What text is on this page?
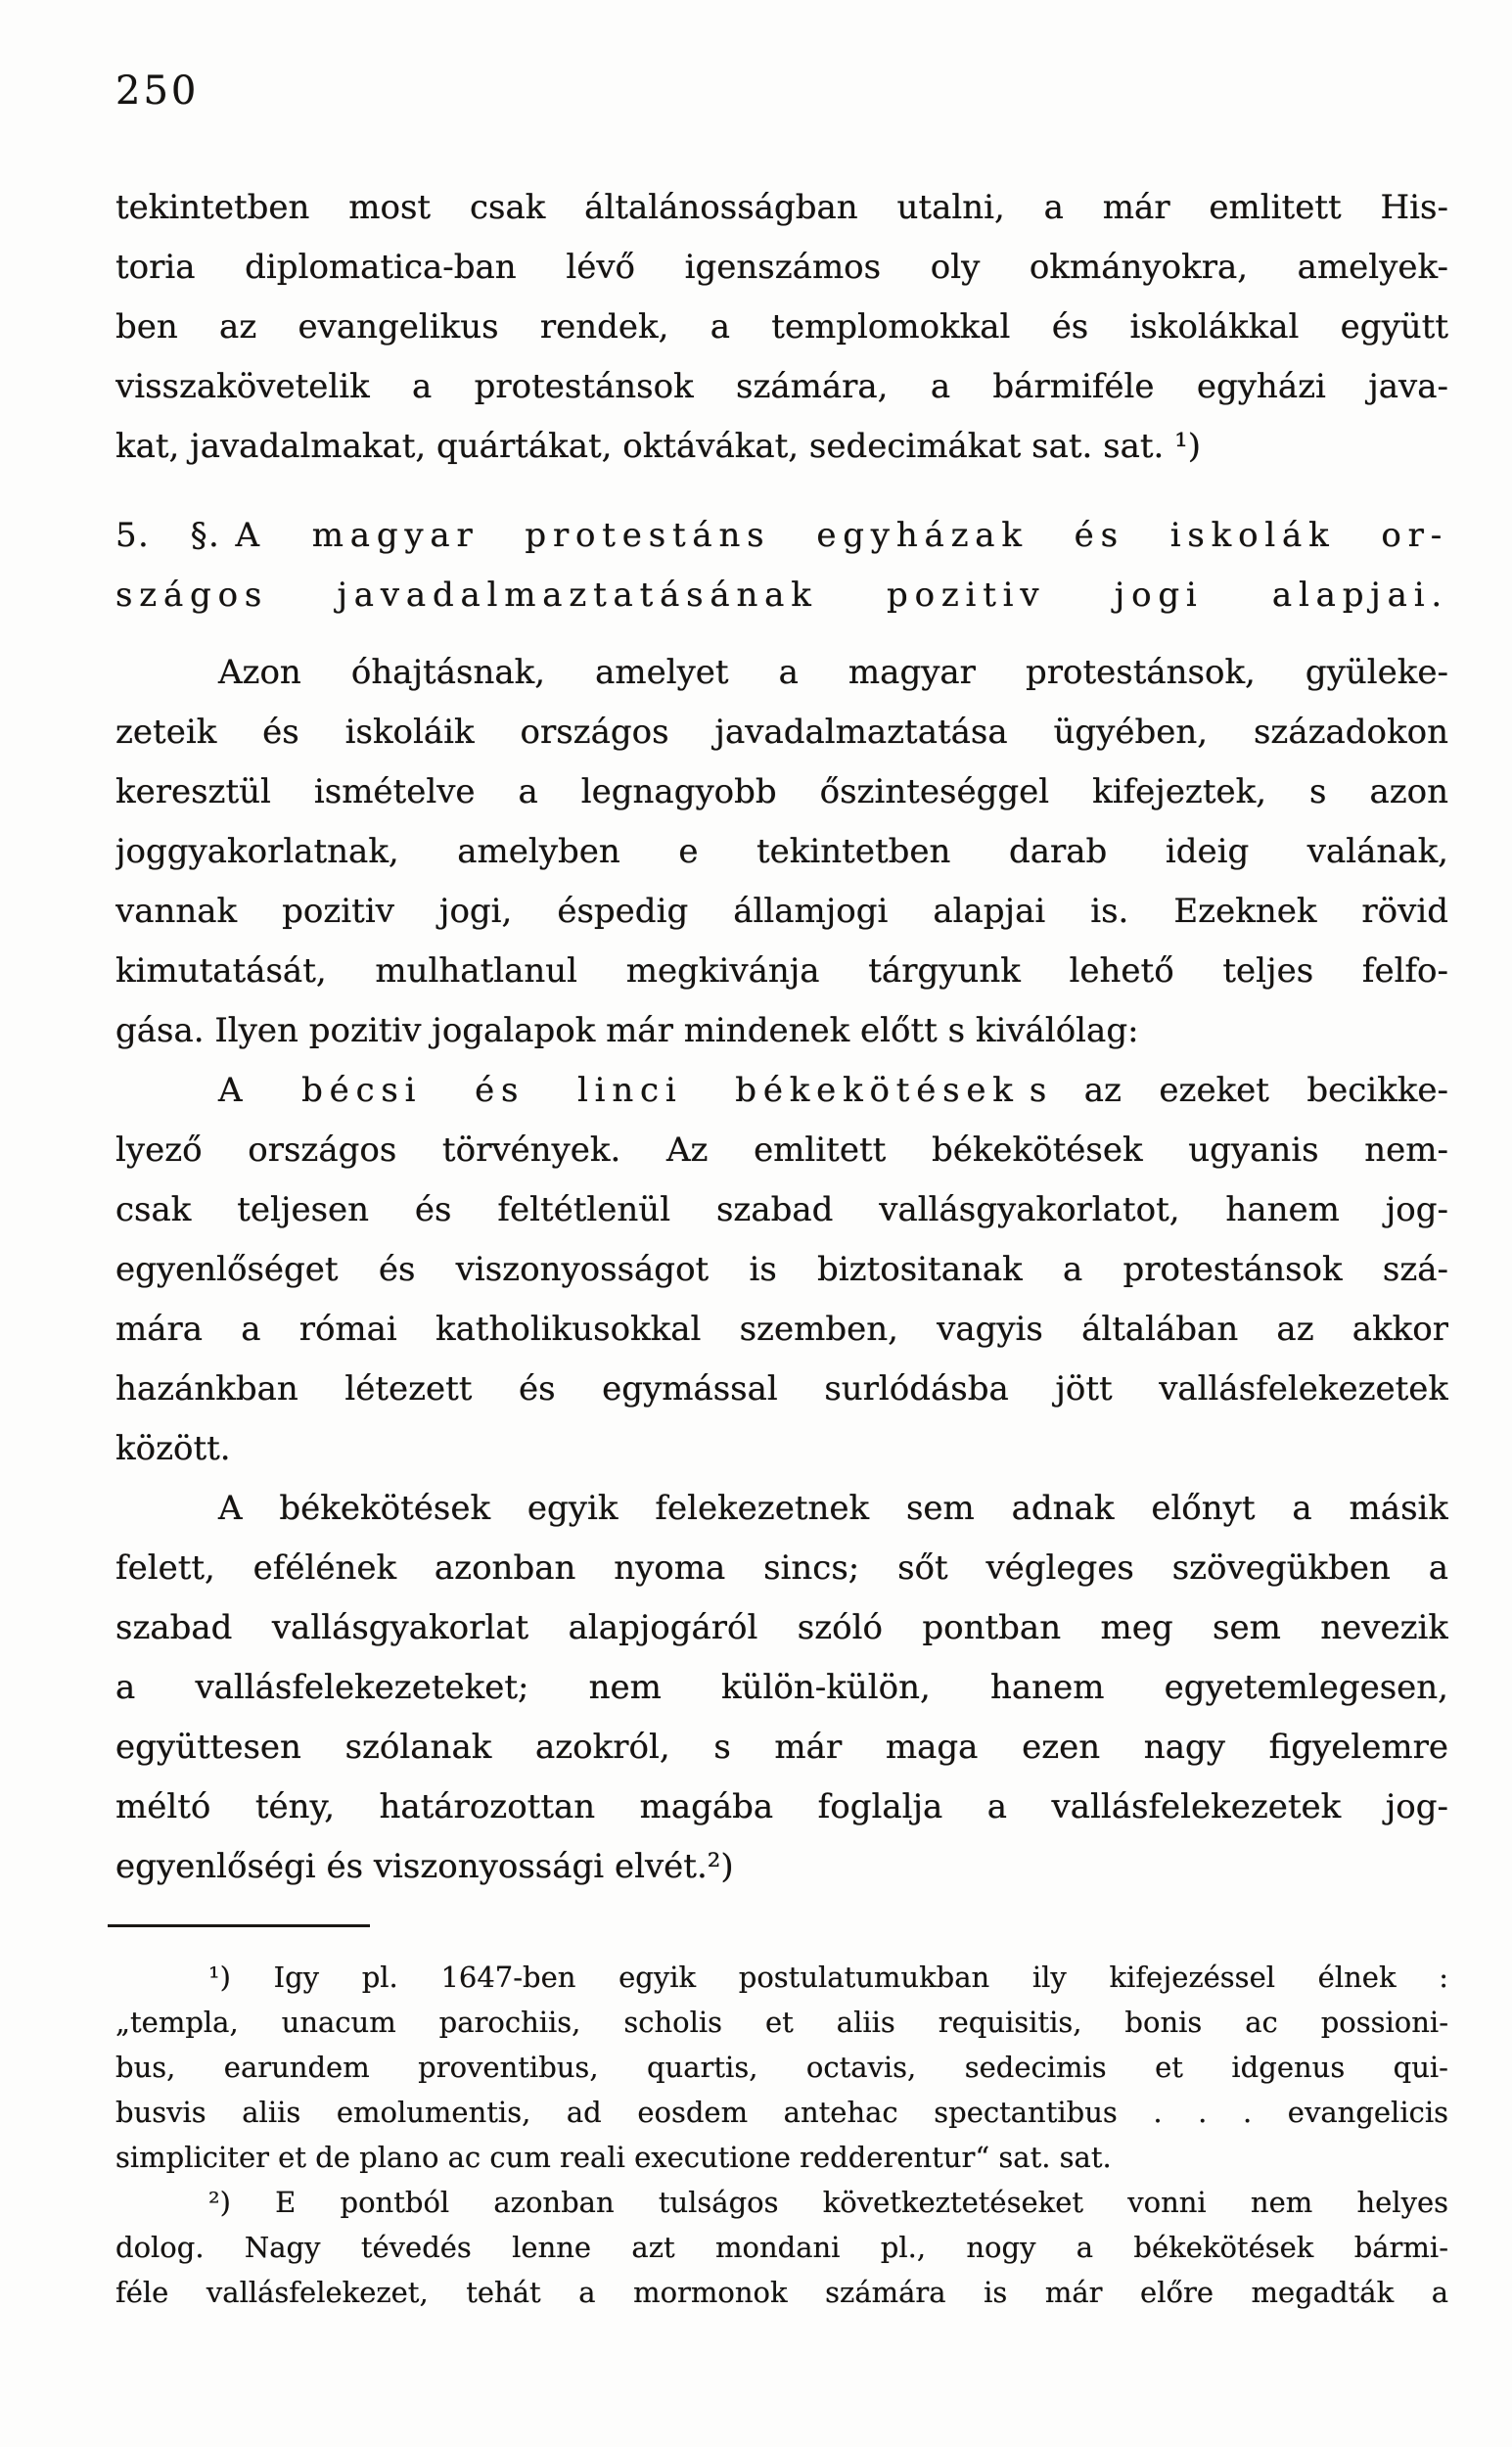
250
tekintetben most csak általánosságban utalni, a már emlitett His-
toria diplomatica-ban lévő igenszámos oly okmányokra, amelyek-
ben az evangelikus rendek, a templomokkal és iskolákkal együtt
visszakövetelik a protestánsok számára, a bármiféle egyházi java-
kat, javadalmakat, quártákat, oktávákat, sedecimákat sat. sat. ¹)
5. §. A magyar protestáns egyházak és iskolák or-
szágos javadalmaztatásának pozitiv jogi alapjai.
Azon óhajtásnak, amelyet a magyar protestánsok, gyüleke-
zeteik és iskoláik országos javadalmaztatása ügyében, századokon
keresztül ismételve a legnagyobb őszinteséggel kifejeztek, s azon
joggyakorlatnak, amelyben e tekintetben darab ideig valának,
vannak pozitiv jogi, éspedig államjogi alapjai is. Ezeknek rövid
kimutatását, mulhatlanul megkivánja tárgyunk lehető teljes felfo-
gása. Ilyen pozitiv jogalapok már mindenek előtt s kiválólag:
A bécsi és linci békekötések s az ezeket becikke-
lyező országos törvények. Az emlitett békekötések ugyanis nem-
csak teljesen és feltétlenül szabad vallásgyakorlatot, hanem jog-
egyenlőséget és viszonyosságot is biztositanak a protestánsok szá-
mára a római katholikusokkal szemben, vagyis általában az akkor
hazánkban létezett és egymással surlódásba jött vallásfelekezetek
között.
A békekötések egyik felekezetnek sem adnak előnyt a másik
felett, efélének azonban nyoma sincs; sőt végleges szövegükben a
szabad vallásgyakorlat alapjogáról szóló pontban meg sem nevezik
a vallásfelekezeteket; nem külön-külön, hanem egyetemlegesen,
együttesen szólanak azokról, s már maga ezen nagy figyelemre
méltó tény, határozottan magába foglalja a vallásfelekezetek jog-
egyenlőségi és viszonyossági elvét.²)
¹) Igy pl. 1647-ben egyik postulatumukban ily kifejezéssel élnek :
„templa, unacum parochiis, scholis et aliis requisitis, bonis ac possioni-
bus, earundem proventibus, quartis, octavis, sedecimis et idgenus qui-
busvis aliis emolumentis, ad eosdem antehac spectantibus . . . evangelicis
simpliciter et de plano ac cum reali executione redderentur“ sat. sat.
²) E pontból azonban tulságos következtetéseket vonni nem helyes
dolog. Nagy tévedés lenne azt mondani pl., nogy a békekötések bármi-
féle vallásfelekezet, tehát a mormonok számára is már előre megadták a
